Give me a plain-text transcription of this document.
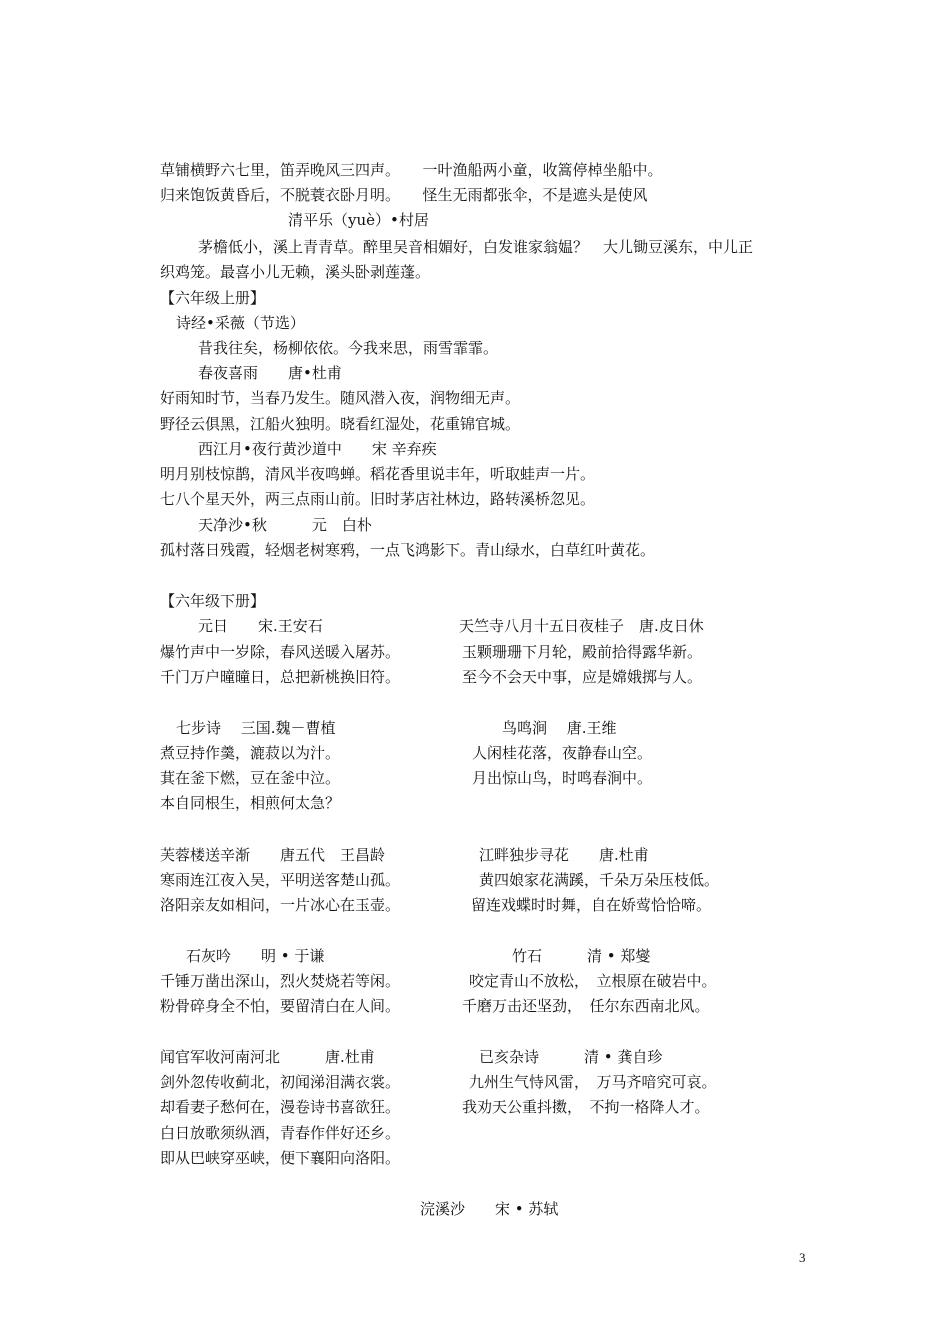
草铺横野六七里，笛弄晚风三四声。　　一叶渔船两小童，收篙停棹坐船中。
归来饱饭黄昏后，不脱蓑衣卧月明。　　怪生无雨都张伞，不是遮头是使风
清平乐（yuè）•村居
茅檐低小，溪上青青草。醉里吴音相媚好，白发谁家翁媪？　大儿锄豆溪东，中儿正
织鸡笼。最喜小儿无赖，溪头卧剥莲蓬。
【六年级上册】
诗经•采薇（节选）
昔我往矣，杨柳依依。今我来思，雨雪霏霏。
春夜喜雨　　唐•杜甫
好雨知时节，当春乃发生。随风潜入夜，润物细无声。
野径云俱黑，江船火独明。晓看红湿处，花重锦官城。
西江月•夜行黄沙道中　　宋 辛弃疾
明月别枝惊鹊，清风半夜鸣蝉。稻花香里说丰年，听取蛙声一片。
七八个星天外，两三点雨山前。旧时茅店社林边，路转溪桥忽见。
天净沙•秋　　　元　白朴
孤村落日残霞，轻烟老树寒鸦，一点飞鸿影下。青山绿水，白草红叶黄花。
【六年级下册】
元日　　宋.王安石	天竺寺八月十五日夜桂子　唐.皮日休
爆竹声中一岁除，春风送暖入屠苏。	玉颗珊珊下月轮，殿前拾得露华新。
千门万户曈曈日，总把新桃换旧符。	至今不会天中事，应是嫦娥掷与人。
七步诗　 三国.魏－曹植	鸟鸣涧　 唐.王维
煮豆持作羹，漉菽以为汁。	人闲桂花落，夜静春山空。
萁在釜下燃，豆在釜中泣。	月出惊山鸟，时鸣春涧中。
本自同根生，相煎何太急？
芙蓉楼送辛渐　　唐五代　王昌龄	江畔独步寻花　　唐.杜甫
寒雨连江夜入吴，平明送客楚山孤。	黄四娘家花满蹊，千朵万朵压枝低。
洛阳亲友如相问，一片冰心在玉壶。	留连戏蝶时时舞，自在娇莺恰恰啼。
石灰吟　　明 • 于谦	竹石　　　清 • 郑燮
千锤万凿出深山，烈火焚烧若等闲。	咬定青山不放松，　立根原在破岩中。
粉骨碎身全不怕，要留清白在人间。	千磨万击还坚劲，　任尔东西南北风。
闻官军收河南河北　　　唐.杜甫	已亥杂诗　　　清 • 龚自珍
剑外忽传收蓟北，初闻涕泪满衣裳。	九州生气恃风雷，　万马齐喑究可哀。
却看妻子愁何在，漫卷诗书喜欲狂。	我劝天公重抖擞，　不拘一格降人才。
白日放歌须纵酒，青春作伴好还乡。
即从巴峡穿巫峡，便下襄阳向洛阳。
浣溪沙　　宋 • 苏轼
3
